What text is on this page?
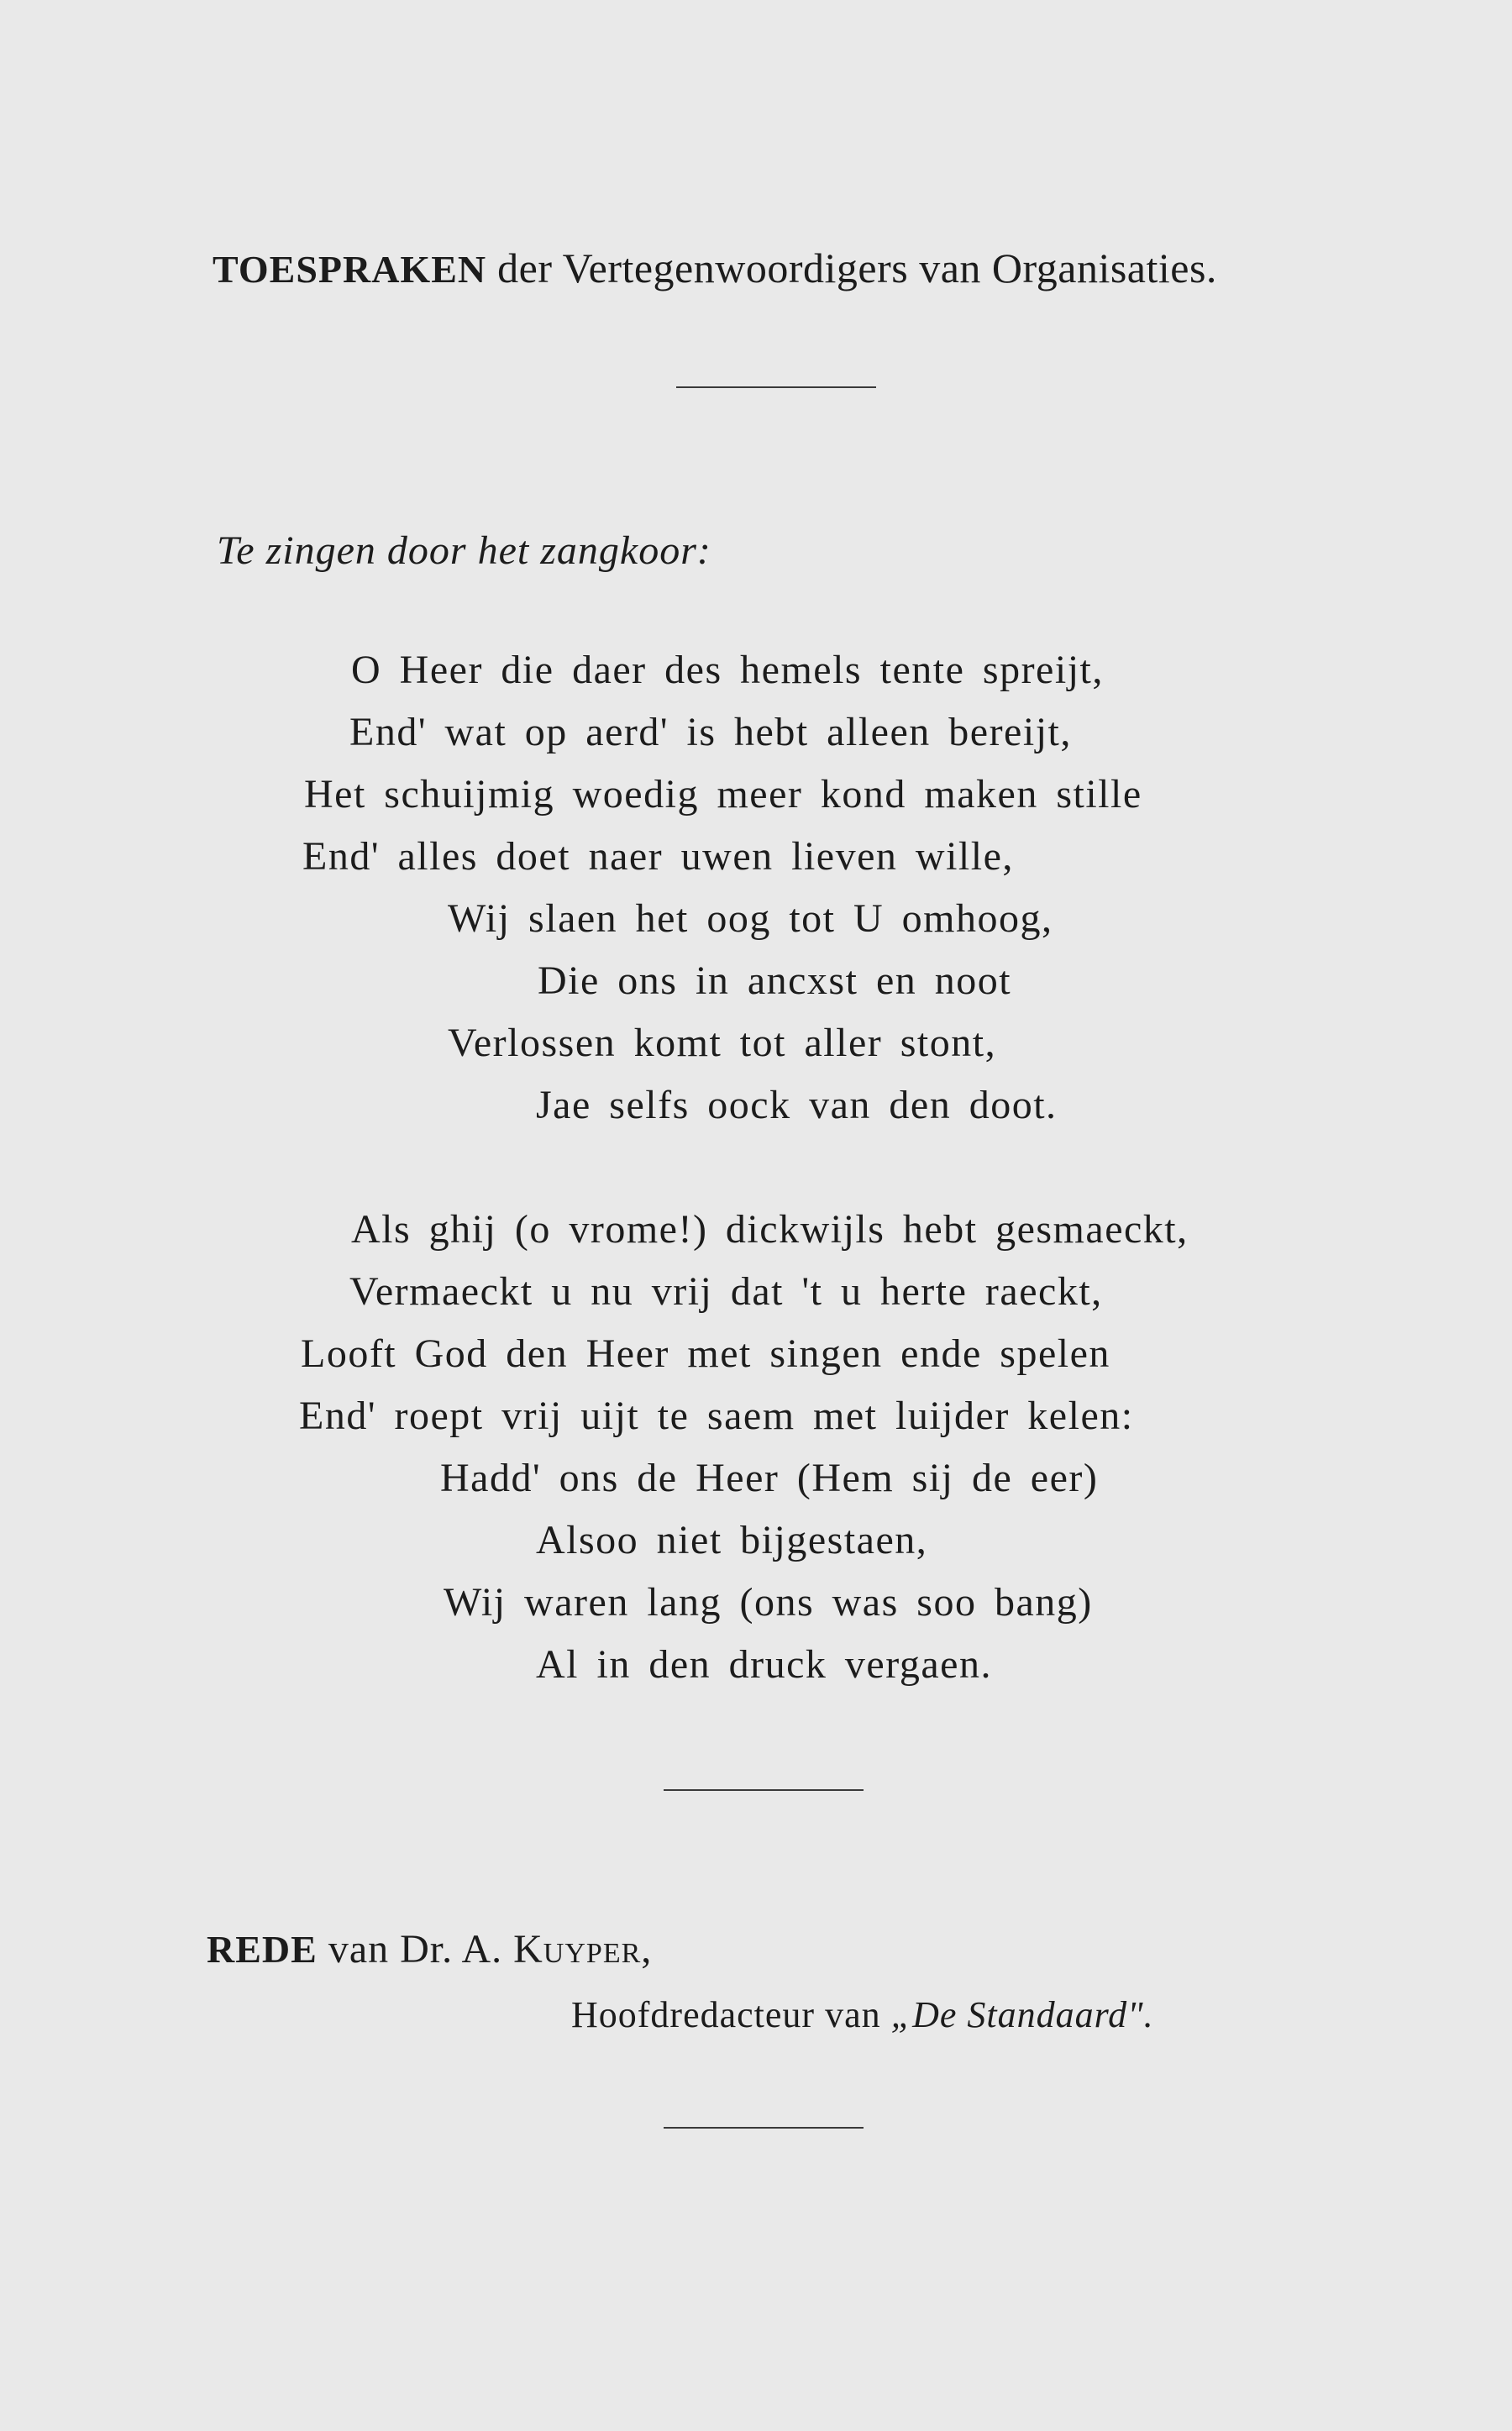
TOESPRAKEN der Vertegenwoordigers van Organisaties.
Te zingen door het zangkoor:
O Heer die daer des hemels tente spreijt,
End' wat op aerd' is hebt alleen bereijt,
Het schuijmig woedig meer kond maken stille
End' alles doet naer uwen lieven wille,
Wij slaen het oog tot U omhoog,
Die ons in ancxst en noot
Verlossen komt tot aller stont,
Jae selfs oock van den doot.
Als ghij (o vrome!) dickwijls hebt gesmaeckt,
Vermaeckt u nu vrij dat 't u herte raeckt,
Looft God den Heer met singen ende spelen
End' roept vrij uijt te saem met luijder kelen:
Hadd' ons de Heer (Hem sij de eer)
Alsoo niet bijgestaen,
Wij waren lang (ons was soo bang)
Al in den druck vergaen.
REDE van Dr. A. Kuyper,
Hoofdredacteur van „De Standaard".
